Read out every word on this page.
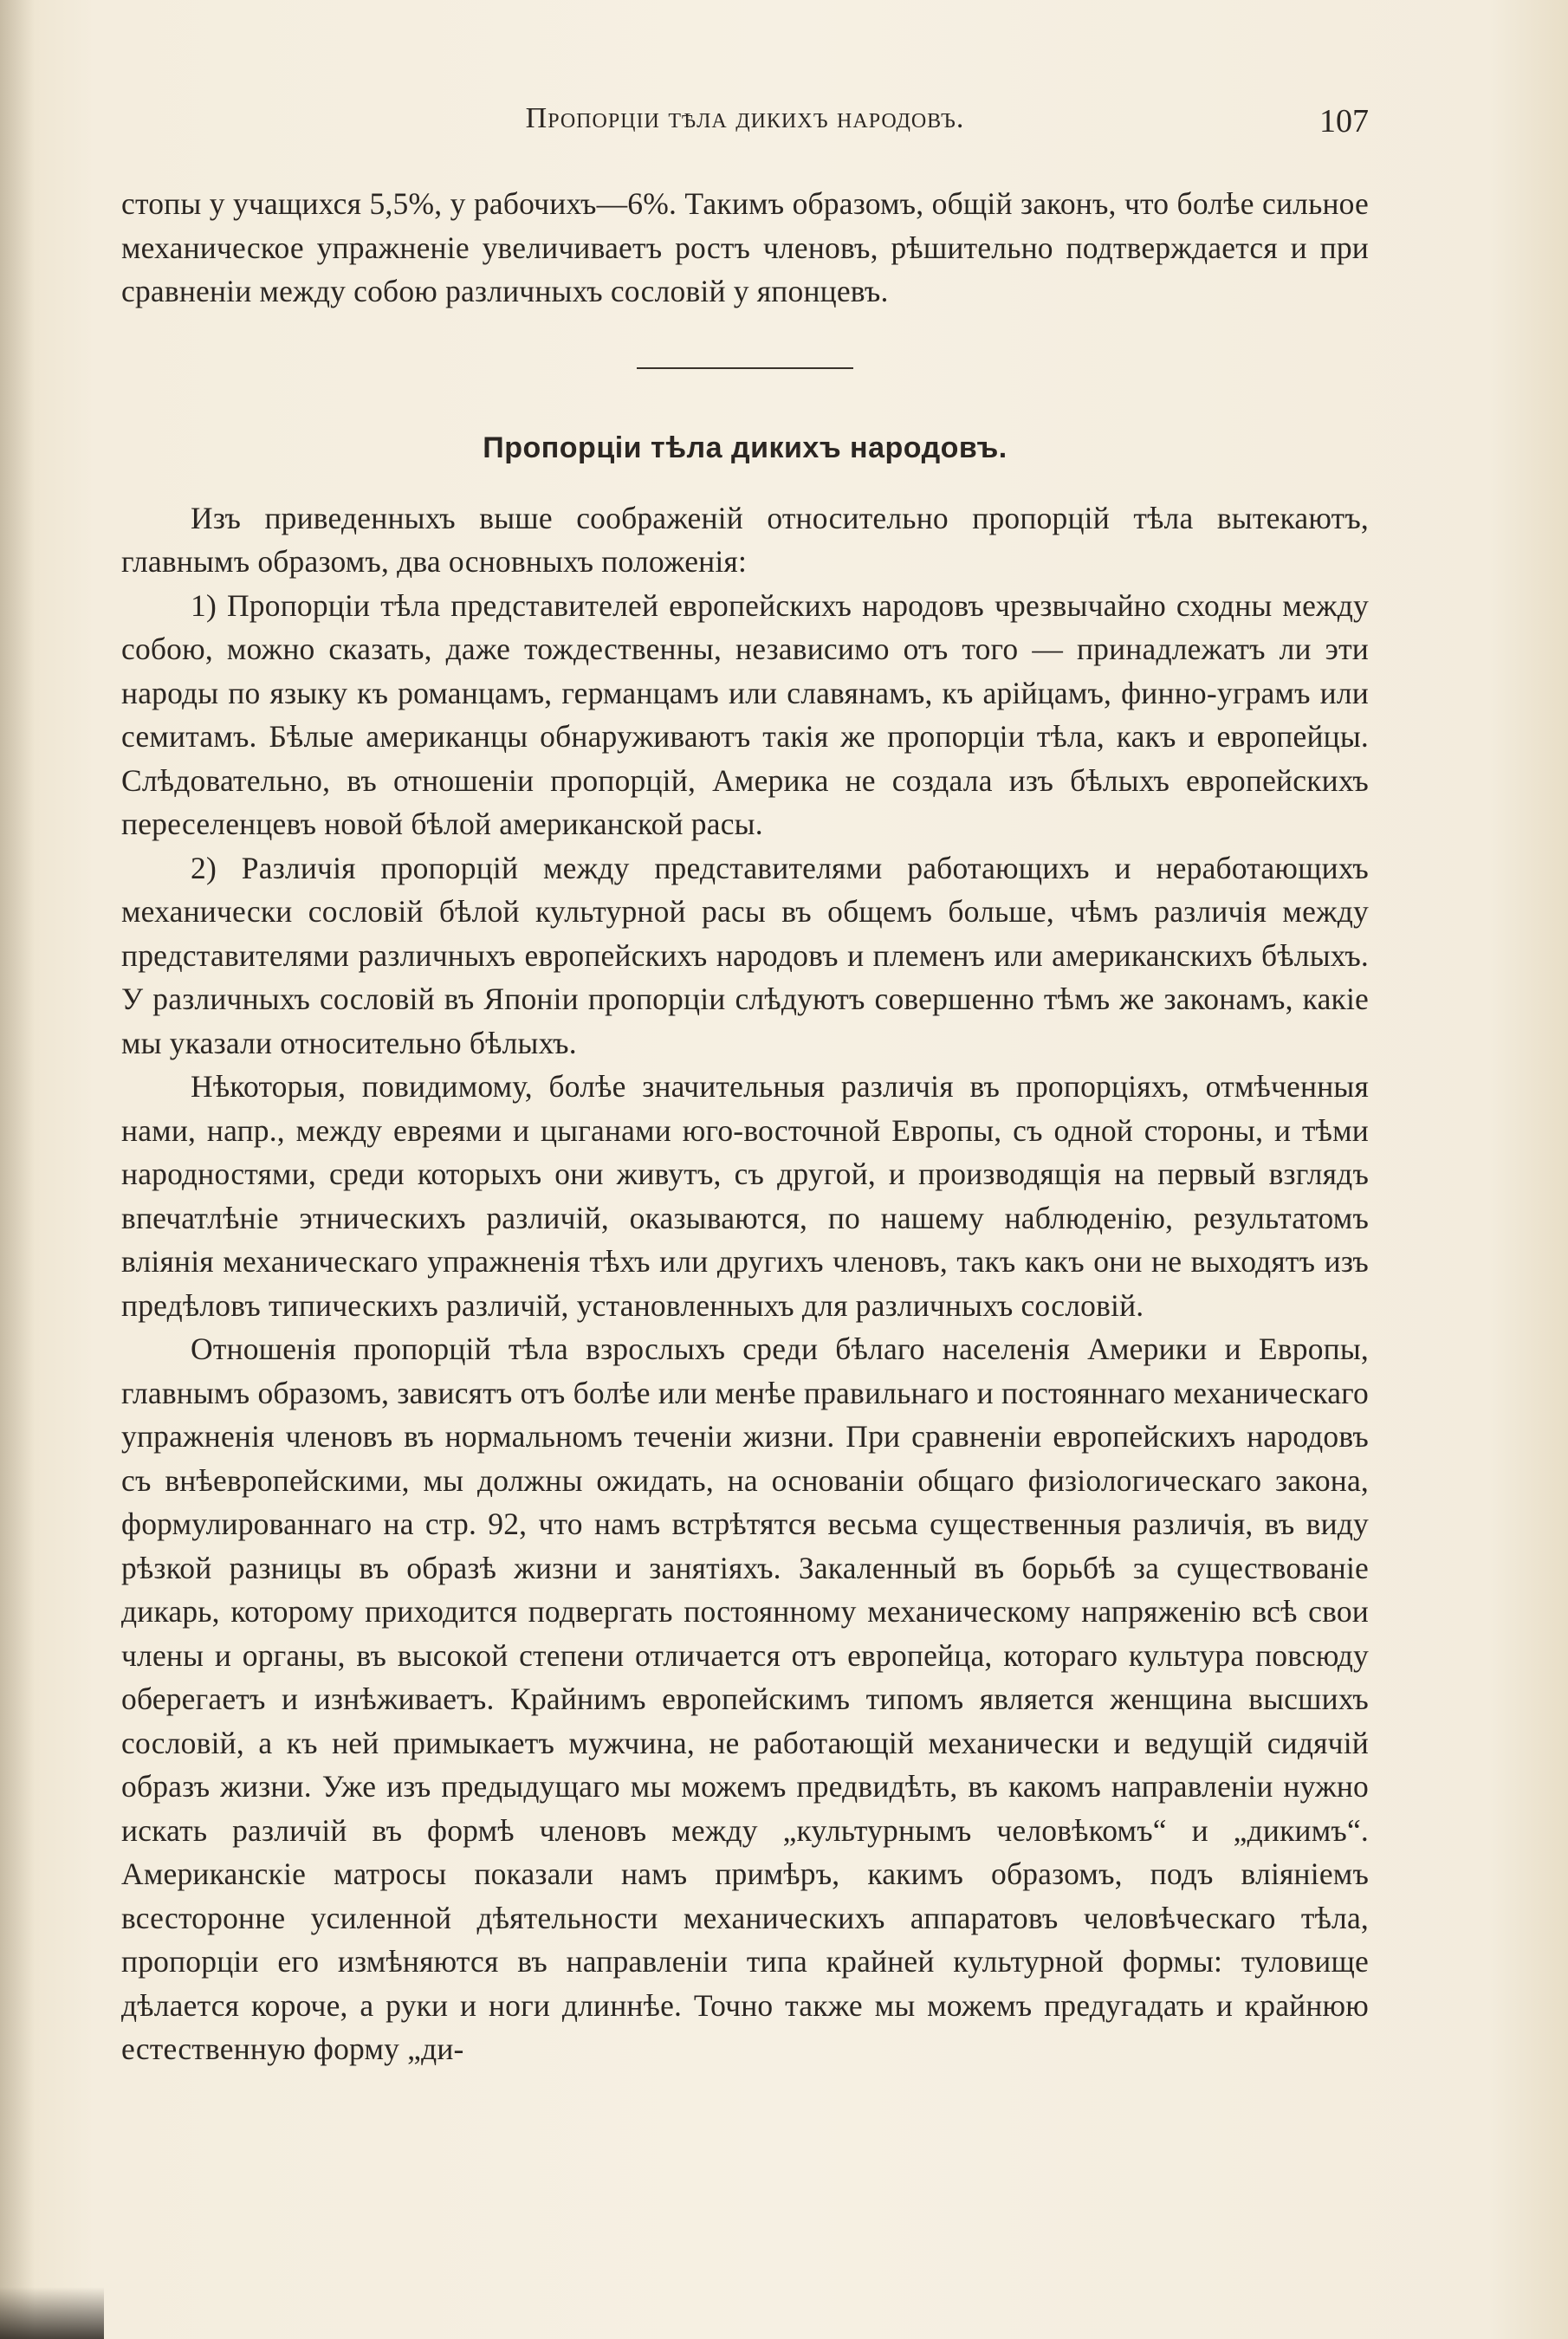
Пропорціи тѣла дикихъ народовъ.	107

стопы у учащихся 5,5%, у рабочихъ—6%. Такимъ образомъ, общій законъ, что болѣе сильное механическое упражненіе увеличиваетъ ростъ членовъ, рѣшительно подтверждается и при сравненіи между собою различныхъ сословій у японцевъ.

Пропорціи тѣла дикихъ народовъ.

Изъ приведенныхъ выше соображеній относительно пропорцій тѣла вытекаютъ, главнымъ образомъ, два основныхъ положенія:

1) Пропорціи тѣла представителей европейскихъ народовъ чрезвычайно сходны между собою, можно сказать, даже тождественны, независимо отъ того — принадлежатъ ли эти народы по языку къ романцамъ, германцамъ или славянамъ, къ арійцамъ, финно-уграмъ или семитамъ. Бѣлые американцы обнаруживаютъ такія же пропорціи тѣла, какъ и европейцы. Слѣдовательно, въ отношеніи пропорцій, Америка не создала изъ бѣлыхъ европейскихъ переселенцевъ новой бѣлой американской расы.

2) Различія пропорцій между представителями работающихъ и неработающихъ механически сословій бѣлой культурной расы въ общемъ больше, чѣмъ различія между представителями различныхъ европейскихъ народовъ и племенъ или американскихъ бѣлыхъ. У различныхъ сословій въ Японіи пропорціи слѣдуютъ совершенно тѣмъ же законамъ, какіе мы указали относительно бѣлыхъ.

Нѣкоторыя, повидимому, болѣе значительныя различія въ пропорціяхъ, отмѣченныя нами, напр., между евреями и цыганами юго-восточной Европы, съ одной стороны, и тѣми народностями, среди которыхъ они живутъ, съ другой, и производящія на первый взглядъ впечатлѣніе этническихъ различій, оказываются, по нашему наблюденію, результатомъ вліянія механическаго упражненія тѣхъ или другихъ членовъ, такъ какъ они не выходятъ изъ предѣловъ типическихъ различій, установленныхъ для различныхъ сословій.

Отношенія пропорцій тѣла взрослыхъ среди бѣлаго населенія Америки и Европы, главнымъ образомъ, зависятъ отъ болѣе или менѣе правильнаго и постояннаго механическаго упражненія членовъ въ нормальномъ теченіи жизни. При сравненіи европейскихъ народовъ съ внѣевропейскими, мы должны ожидать, на основаніи общаго физіологическаго закона, формулированнаго на стр. 92, что намъ встрѣтятся весьма существенныя различія, въ виду рѣзкой разницы въ образѣ жизни и занятіяхъ. Закаленный въ борьбѣ за существованіе дикарь, которому приходится подвергать постоянному механическому напряженію всѣ свои члены и органы, въ высокой степени отличается отъ европейца, котораго культура повсюду оберегаетъ и изнѣживаетъ. Крайнимъ европейскимъ типомъ является женщина высшихъ сословій, а къ ней примыкаетъ мужчина, не работающій механически и ведущій сидячій образъ жизни. Уже изъ предыдущаго мы можемъ предвидѣть, въ какомъ направленіи нужно искать различій въ формѣ членовъ между „культурнымъ человѣкомъ“ и „дикимъ“. Американскіе матросы показали намъ примѣръ, какимъ образомъ, подъ вліяніемъ всесторонне усиленной дѣятельности механическихъ аппаратовъ человѣческаго тѣла, пропорціи его измѣняются въ направленіи типа крайней культурной формы: туловище дѣлается короче, а руки и ноги длиннѣе. Точно также мы можемъ предугадать и крайнюю естественную форму „ди-
